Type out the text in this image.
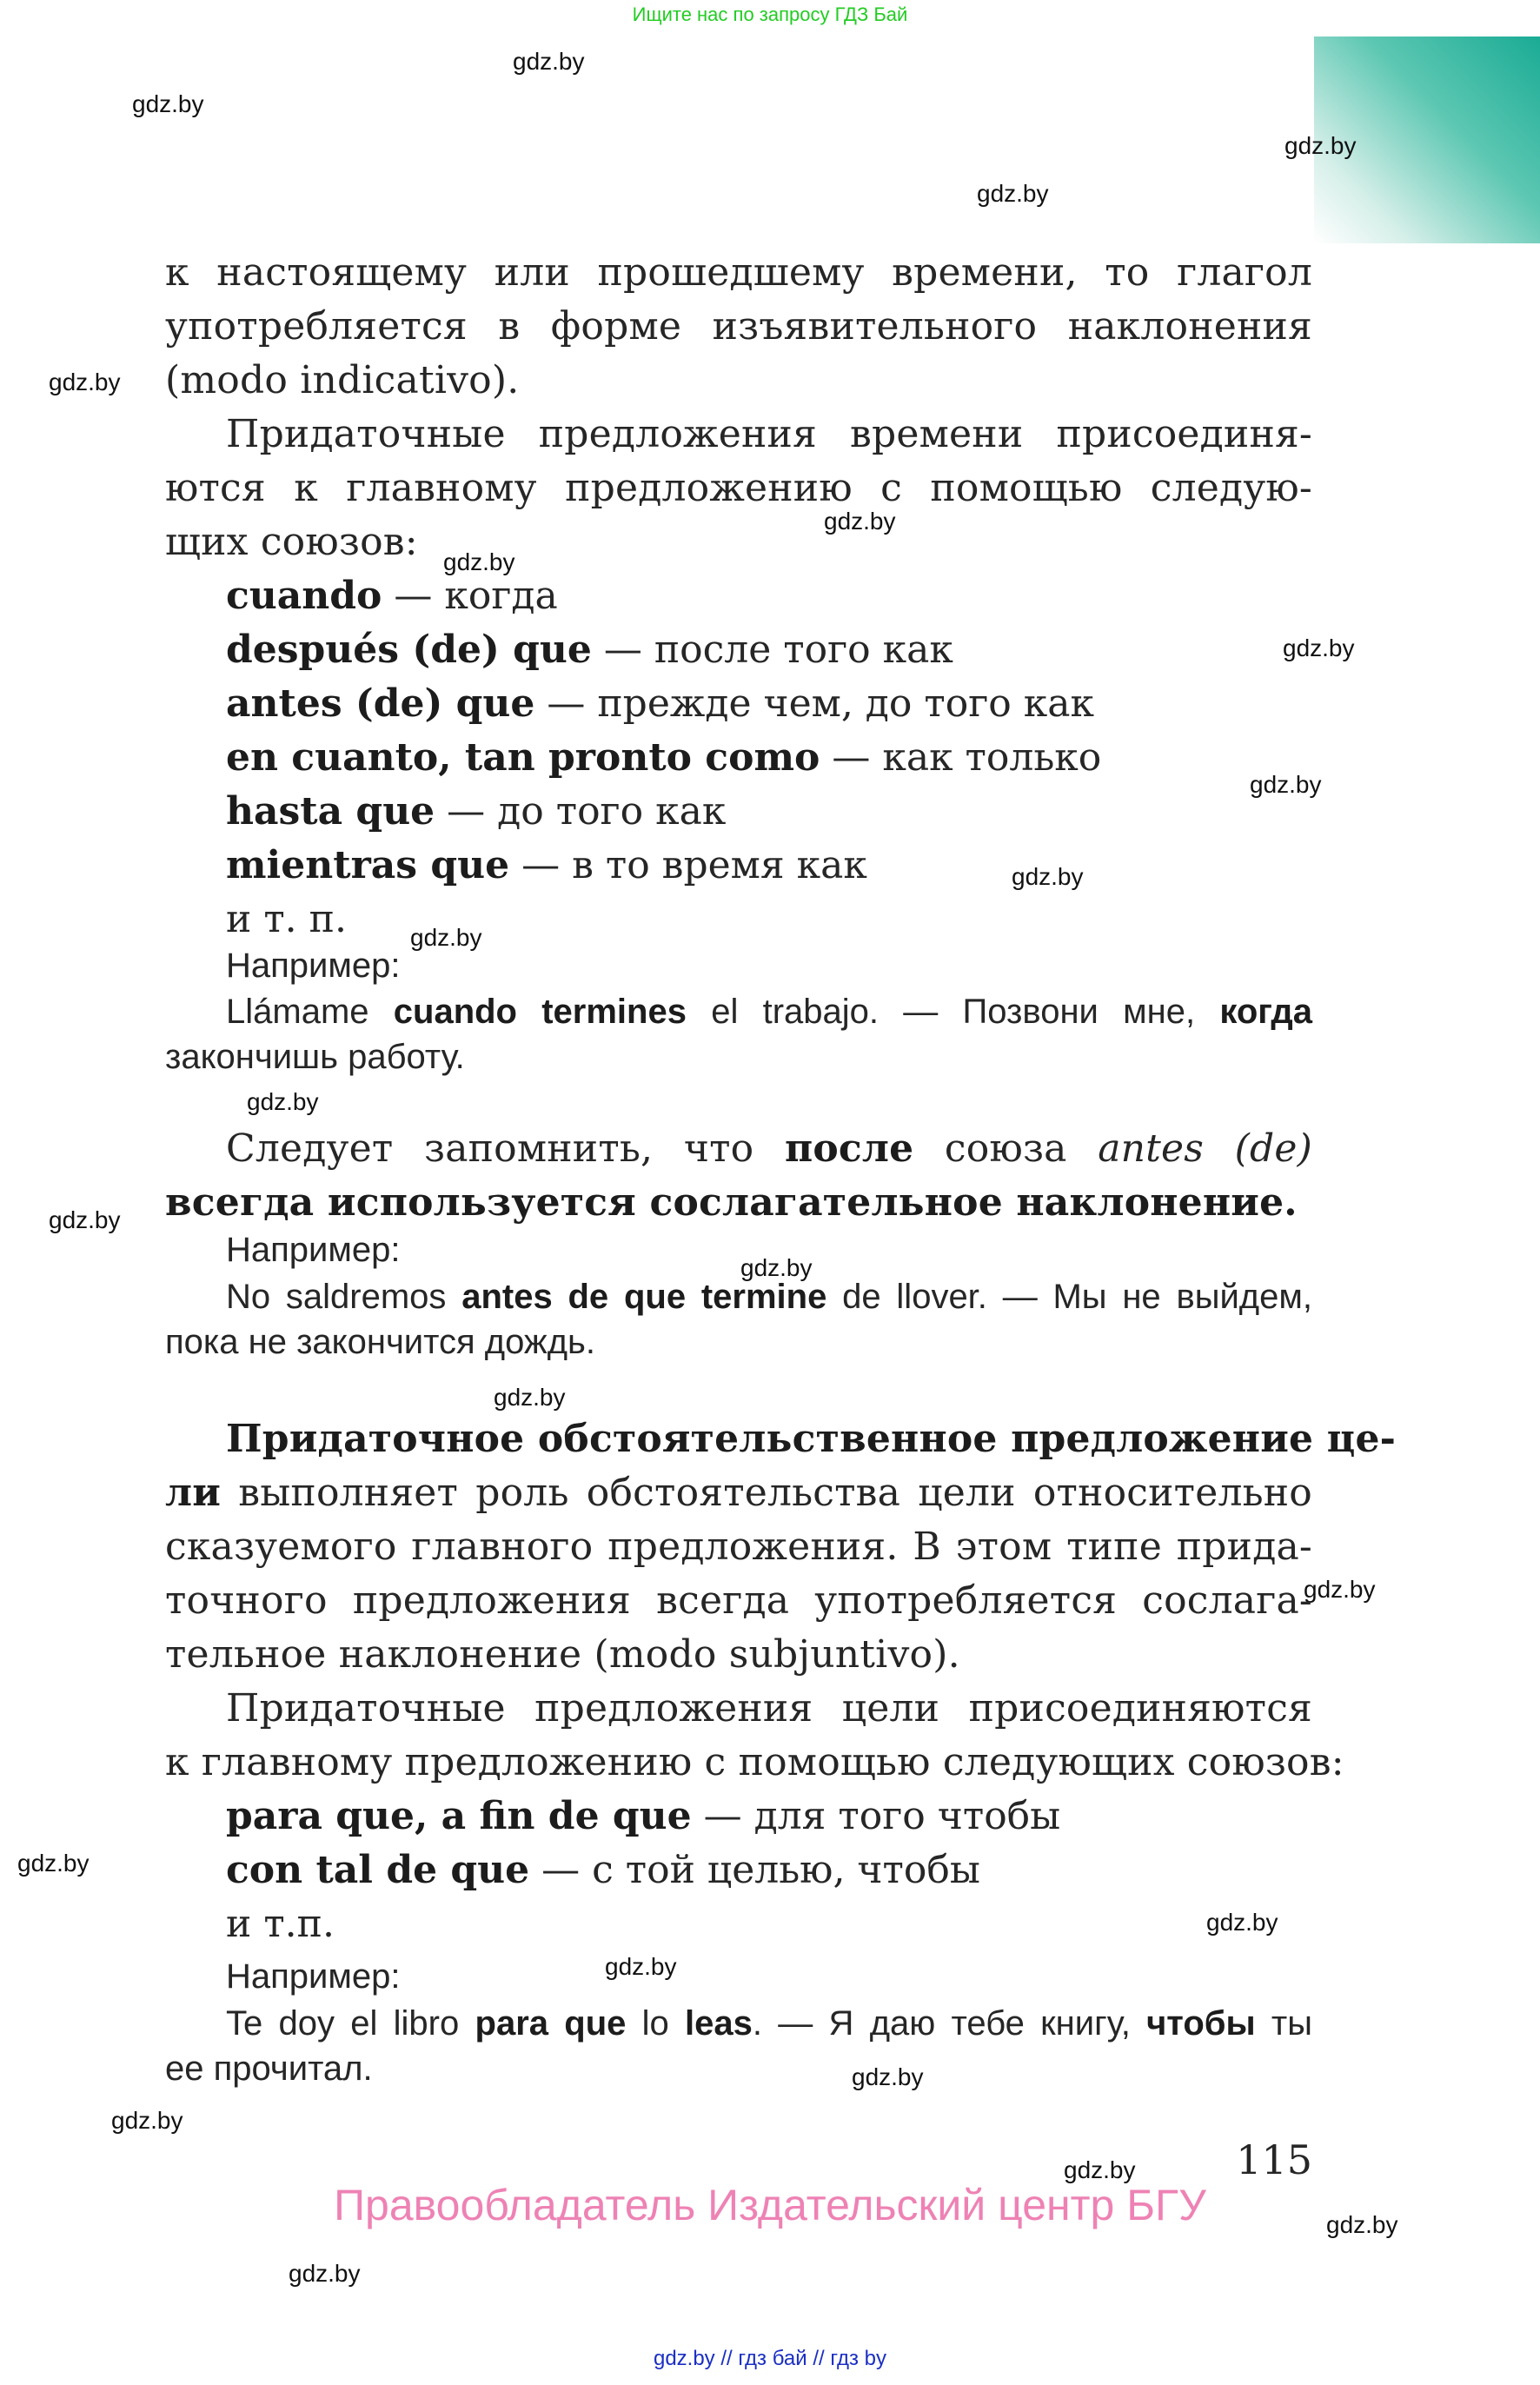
Ищите нас по запросу ГДЗ Бай
gdz.by
gdz.by
gdz.by
gdz.by
gdz.by
gdz.by
gdz.by
gdz.by
gdz.by
gdz.by
gdz.by
gdz.by
gdz.by
gdz.by
gdz.by
gdz.by
gdz.by
gdz.by
gdz.by
gdz.by
gdz.by
gdz.by
gdz.by
gdz.by
к настоящему или прошедшему времени, то глагол
употребляется в форме изъявительного наклонения
(modo indicativo).
Придаточные предложения времени присоединя-
ются к главному предложению с помощью следую-
щих союзов:
cuando — когда
después (de) que — после того как
antes (de) que — прежде чем, до того как
en cuanto, tan pronto como — как только
hasta que — до того как
mientras que — в то время как
и т. п.
Например:
Llámame cuando termines el trabajo. — Позвони мне, когда
закончишь работу.
Следует запомнить, что после союза antes (de)
всегда используется сослагательное наклонение.
Например:
No saldremos antes de que termine de llover. — Мы не выйдем,
пока не закончится дождь.
Придаточное обстоятельственное предложение це-
ли выполняет роль обстоятельства цели относительно
сказуемого главного предложения. В этом типе прида-
точного предложения всегда употребляется сослага-
тельное наклонение (modo subjuntivo).
Придаточные предложения цели присоединяются
к главному предложению с помощью следующих союзов:
para que, a fin de que — для того чтобы
con tal de que — с той целью, чтобы
и т.п.
Например:
Te doy el libro para que lo leas. — Я даю тебе книгу, чтобы ты
ее прочитал.
115
Правообладатель Издательский центр БГУ
gdz.by // гдз бай // гдз by
